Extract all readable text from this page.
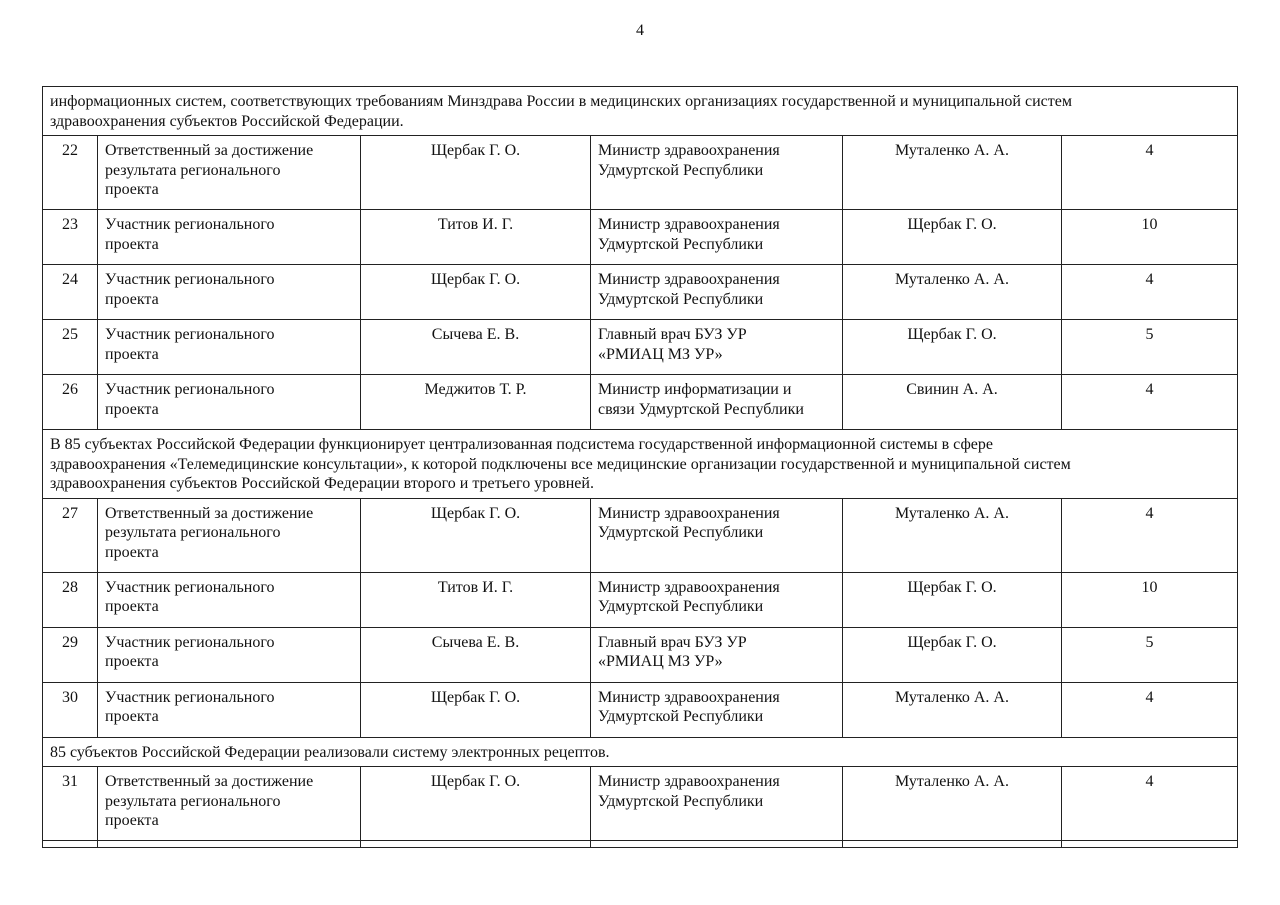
4
информационных систем, соответствующих требованиям Минздрава России в медицинских организациях государственной и муниципальной систем
здравоохранения субъектов Российской Федерации.					

22	Ответственный за достижение
результата регионального
проекта	Щербак Г. О.	Министр здравоохранения
Удмуртской Республики	Муталенко А. А.	4
23	Участник регионального
проекта	Титов И. Г.	Министр здравоохранения
Удмуртской Республики	Щербак Г. О.	10
24	Участник регионального
проекта	Щербак Г. О.	Министр здравоохранения
Удмуртской Республики	Муталенко А. А.	4
25	Участник регионального
проекта	Сычева Е. В.	Главный врач БУЗ УР
«РМИАЦ МЗ УР»	Щербак Г. О.	5
26	Участник регионального
проекта	Меджитов Т. Р.	Министр информатизации и
связи Удмуртской Республики	Свинин А. А.	4

В 85 субъектах Российской Федерации функционирует централизованная подсистема государственной информационной системы в сфере
здравоохранения «Телемедицинские консультации», к которой подключены все медицинские организации государственной и муниципальной систем
здравоохранения субъектов Российской Федерации второго и третьего уровней.					

27	Ответственный за достижение
результата регионального
проекта	Щербак Г. О.	Министр здравоохранения
Удмуртской Республики	Муталенко А. А.	4
28	Участник регионального
проекта	Титов И. Г.	Министр здравоохранения
Удмуртской Республики	Щербак Г. О.	10
29	Участник регионального
проекта	Сычева Е. В.	Главный врач БУЗ УР
«РМИАЦ МЗ УР»	Щербак Г. О.	5
30	Участник регионального
проекта	Щербак Г. О.	Министр здравоохранения
Удмуртской Республики	Муталенко А. А.	4

85 субъектов Российской Федерации реализовали систему электронных рецептов.					

31	Ответственный за достижение
результата регионального
проекта	Щербак Г. О.	Министр здравоохранения
Удмуртской Республики	Муталенко А. А.	4
